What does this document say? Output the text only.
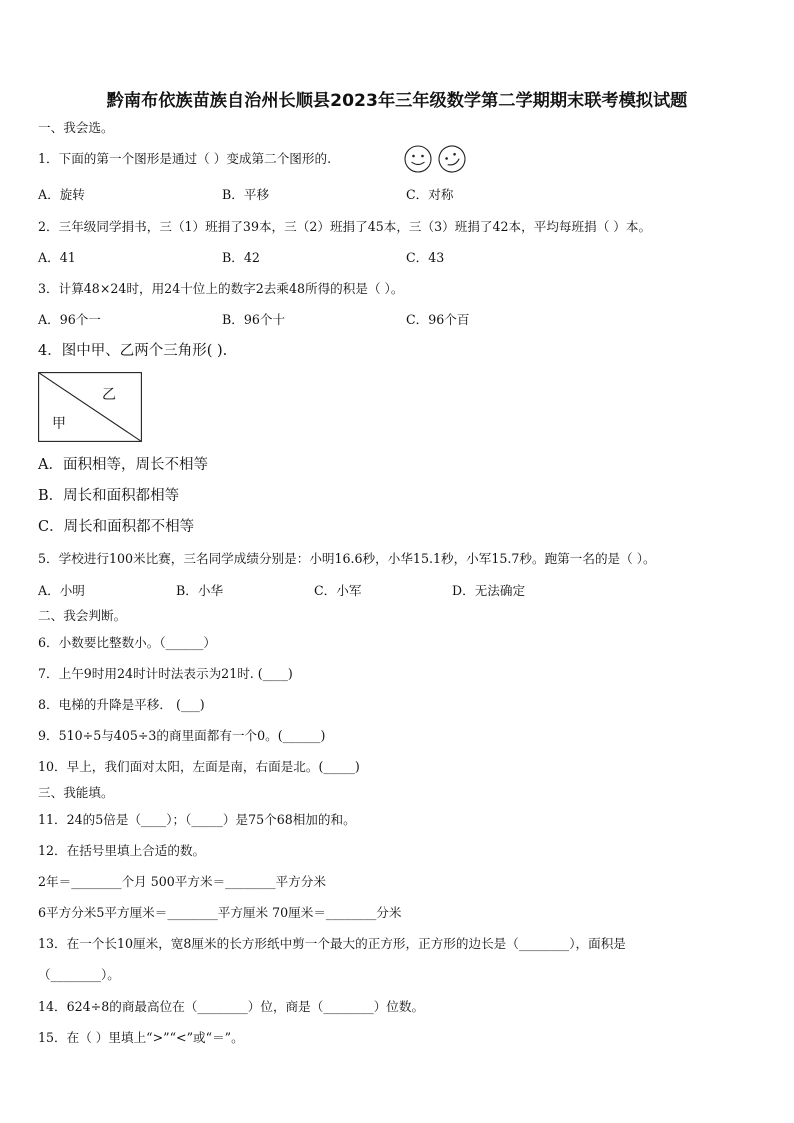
黔南布依族苗族自治州长顺县2023年三年级数学第二学期期末联考模拟试题
一、我会选。
1．下面的第一个图形是通过（ ）变成第二个图形的.
A．旋转	B．平移	C．对称
2．三年级同学捐书，三（1）班捐了39本，三（2）班捐了45本，三（3）班捐了42本，平均每班捐（ ）本。
A．41	B．42	C．43
3．计算48×24时，用24十位上的数字2去乘48所得的积是（ ）。
A．96个一	B．96个十	C．96个百
4．图中甲、乙两个三角形( ).
乙
甲
A．面积相等，周长不相等
B．周长和面积都相等
C．周长和面积都不相等
5．学校进行100米比赛，三名同学成绩分别是：小明16.6秒，小华15.1秒，小军15.7秒。跑第一名的是（ ）。
A．小明	B．小华	C．小军	D．无法确定
二、我会判断。
6．小数要比整数小。（______）
7．上午9时用24时计时法表示为21时. (____)
8．电梯的升降是平移． (___)
9．510÷5与405÷3的商里面都有一个0。(______)
10．早上，我们面对太阳，左面是南，右面是北。(_____)
三、我能填。
11．24的5倍是（____）；（_____）是75个68相加的和。
12．在括号里填上合适的数。
2年＝________个月 500平方米＝________平方分米
6平方分米5平方厘米＝________平方厘米 70厘米＝________分米
13．在一个长10厘米，宽8厘米的长方形纸中剪一个最大的正方形，正方形的边长是（________），面积是
（________）。
14．624÷8的商最高位在（________）位，商是（________）位数。
15．在（ ）里填上“>”“<”或“＝”。
